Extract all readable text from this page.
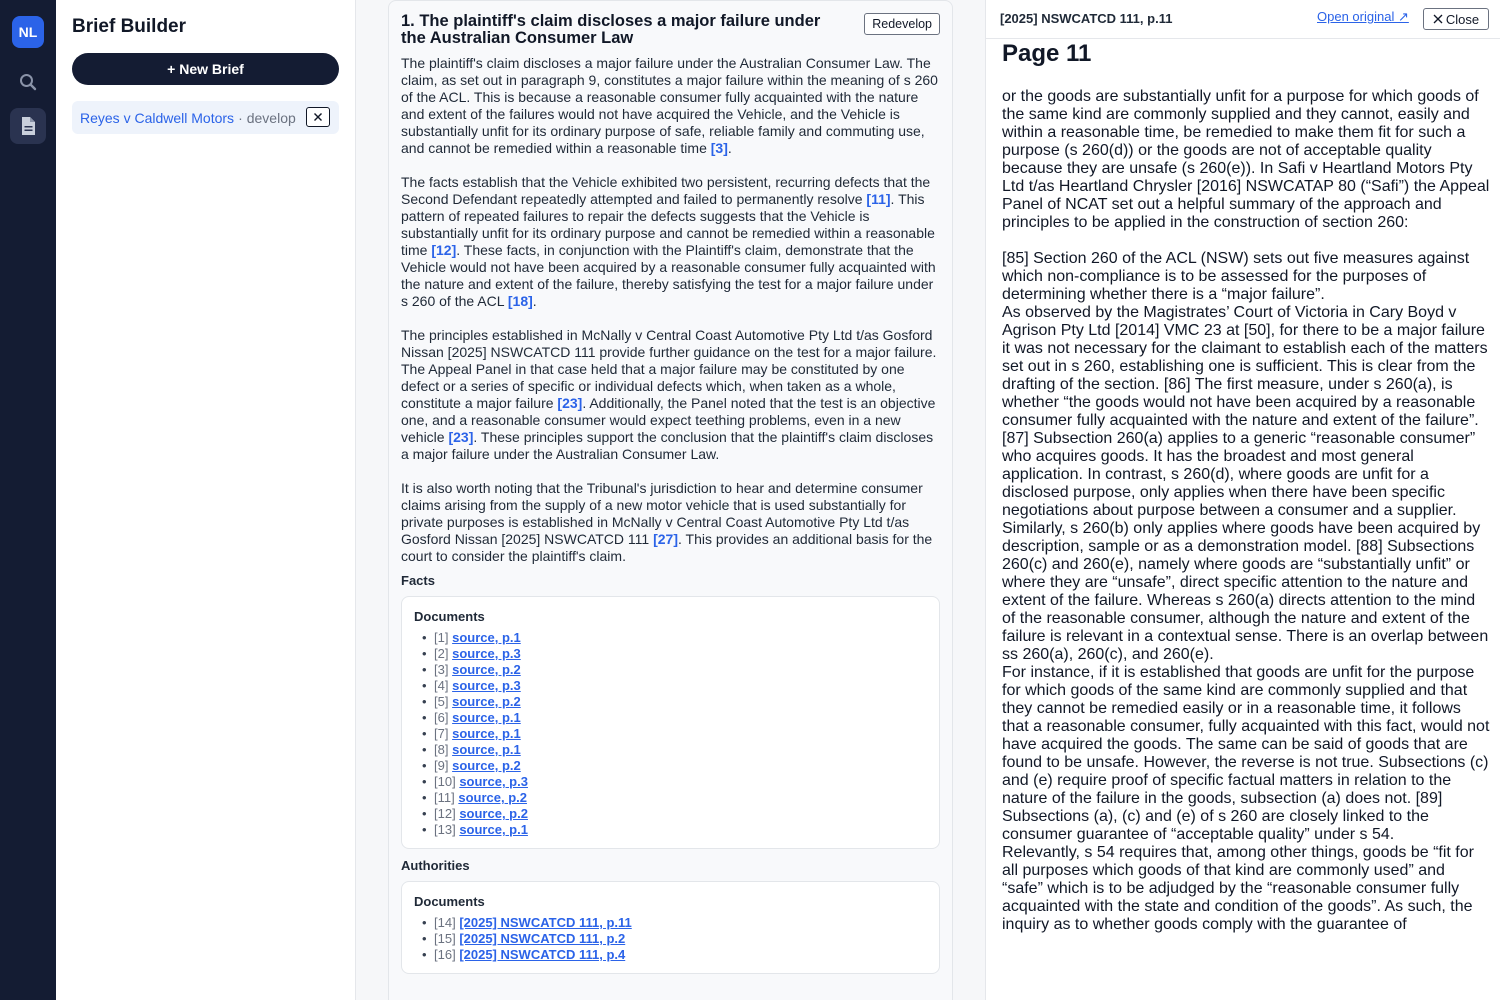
NL	Brief Builder
+ New Brief
Reyes v Caldwell Motors · develop
1. The plaintiff's claim discloses a major failure under the Australian Consumer Law
Redevelop

The plaintiff's claim discloses a major failure under the Australian Consumer Law. The claim, as set out in paragraph 9, constitutes a major failure within the meaning of s 260 of the ACL. This is because a reasonable consumer fully acquainted with the nature and extent of the failures would not have acquired the Vehicle, and the Vehicle is substantially unfit for its ordinary purpose of safe, reliable family and commuting use, and cannot be remedied within a reasonable time [3].

The facts establish that the Vehicle exhibited two persistent, recurring defects that the Second Defendant repeatedly attempted and failed to permanently resolve [11]. This pattern of repeated failures to repair the defects suggests that the Vehicle is substantially unfit for its ordinary purpose and cannot be remedied within a reasonable time [12]. These facts, in conjunction with the Plaintiff's claim, demonstrate that the Vehicle would not have been acquired by a reasonable consumer fully acquainted with the nature and extent of the failure, thereby satisfying the test for a major failure under s 260 of the ACL [18].

The principles established in McNally v Central Coast Automotive Pty Ltd t/as Gosford Nissan [2025] NSWCATCD 111 provide further guidance on the test for a major failure. The Appeal Panel in that case held that a major failure may be constituted by one defect or a series of specific or individual defects which, when taken as a whole, constitute a major failure [23]. Additionally, the Panel noted that the test is an objective one, and a reasonable consumer would expect teething problems, even in a new vehicle [23]. These principles support the conclusion that the plaintiff's claim discloses a major failure under the Australian Consumer Law.

It is also worth noting that the Tribunal's jurisdiction to hear and determine consumer claims arising from the supply of a new motor vehicle that is used substantially for private purposes is established in McNally v Central Coast Automotive Pty Ltd t/as Gosford Nissan [2025] NSWCATCD 111 [27]. This provides an additional basis for the court to consider the plaintiff's claim.

Facts
Documents
• [1] source, p.1
• [2] source, p.3
• [3] source, p.2
• [4] source, p.3
• [5] source, p.2
• [6] source, p.1
• [7] source, p.1
• [8] source, p.1
• [9] source, p.2
• [10] source, p.3
• [11] source, p.2
• [12] source, p.2
• [13] source, p.1
Authorities
Documents
• [14] [2025] NSWCATCD 111, p.11
• [15] [2025] NSWCATCD 111, p.2
• [16] [2025] NSWCATCD 111, p.4
[2025] NSWCATCD 111, p.11	Open original ↗	Close
Page 11

or the goods are substantially unfit for a purpose for which goods of the same kind are commonly supplied and they cannot, easily and within a reasonable time, be remedied to make them fit for such a purpose (s 260(d)) or the goods are not of acceptable quality because they are unsafe (s 260(e)). In Safi v Heartland Motors Pty Ltd t/as Heartland Chrysler [2016] NSWCATAP 80 (“Safi”) the Appeal Panel of NCAT set out a helpful summary of the approach and principles to be applied in the construction of section 260:

[85] Section 260 of the ACL (NSW) sets out five measures against which non-compliance is to be assessed for the purposes of determining whether there is a “major failure”.

As observed by the Magistrates’ Court of Victoria in Cary Boyd v Agrison Pty Ltd [2014] VMC 23 at [50], for there to be a major failure it was not necessary for the claimant to establish each of the matters set out in s 260, establishing one is sufficient. This is clear from the drafting of the section. [86] The first measure, under s 260(a), is whether “the goods would not have been acquired by a reasonable consumer fully acquainted with the nature and extent of the failure”. [87] Subsection 260(a) applies to a generic “reasonable consumer” who acquires goods. It has the broadest and most general application. In contrast, s 260(d), where goods are unfit for a disclosed purpose, only applies when there have been specific negotiations about purpose between a consumer and a supplier.

Similarly, s 260(b) only applies where goods have been acquired by description, sample or as a demonstration model. [88] Subsections 260(c) and 260(e), namely where goods are “substantially unfit” or where they are “unsafe”, direct specific attention to the nature and extent of the failure. Whereas s 260(a) directs attention to the mind of the reasonable consumer, although the nature and extent of the failure is relevant in a contextual sense. There is an overlap between ss 260(a), 260(c), and 260(e).

For instance, if it is established that goods are unfit for the purpose for which goods of the same kind are commonly supplied and that they cannot be remedied easily or in a reasonable time, it follows that a reasonable consumer, fully acquainted with this fact, would not have acquired the goods. The same can be said of goods that are found to be unsafe. However, the reverse is not true. Subsections (c) and (e) require proof of specific factual matters in relation to the nature of the failure in the goods, subsection (a) does not. [89] Subsections (a), (c) and (e) of s 260 are closely linked to the consumer guarantee of “acceptable quality” under s 54.

Relevantly, s 54 requires that, among other things, goods be “fit for all purposes which goods of that kind are commonly used” and “safe” which is to be adjudged by the “reasonable consumer fully acquainted with the state and condition of the goods”. As such, the inquiry as to whether goods comply with the guarantee of
